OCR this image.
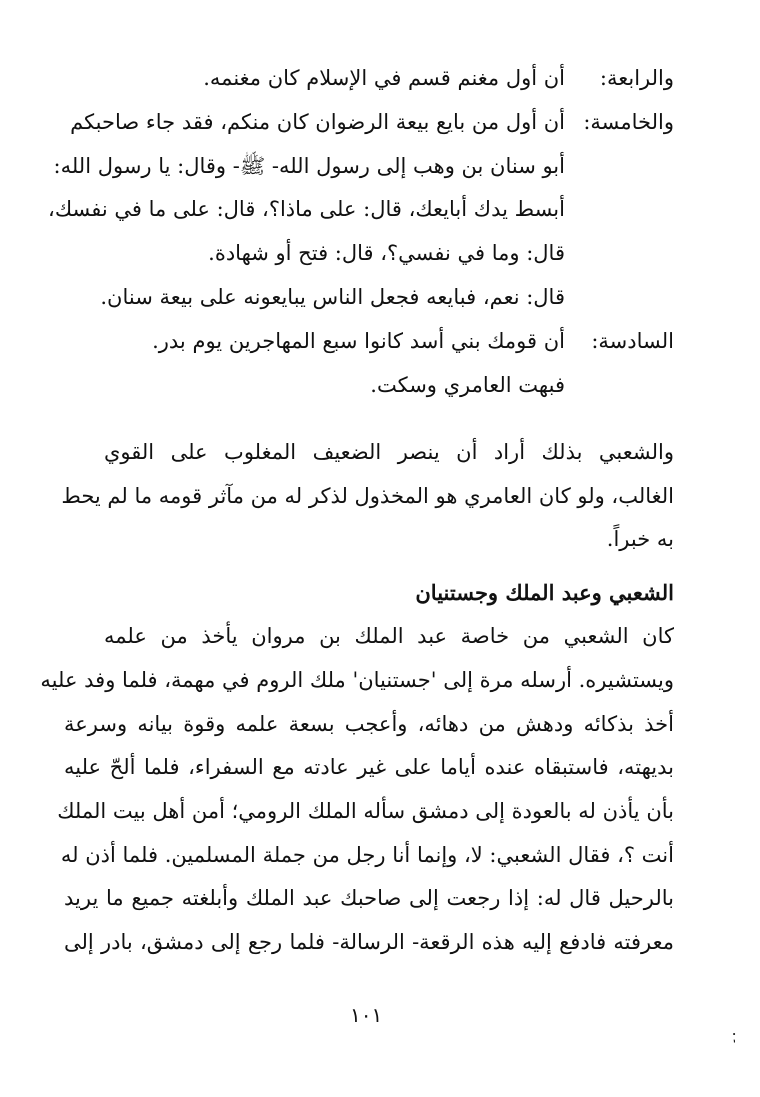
والرابعة:
أن أول مغنم قسم في الإسلام كان مغنمه.
والخامسة:
أن أول من بايع بيعة الرضوان كان منكم، فقد جاء صاحبكم
أبو سنان بن وهب إلى رسول الله- ﷺ- وقال: يا رسول الله:
أبسط يدك أبايعك، قال: على ماذا؟، قال: على ما في نفسك،
قال: وما في نفسي؟، قال: فتح أو شهادة.
قال: نعم، فبايعه فجعل الناس يبايعونه على بيعة سنان.
السادسة:
أن قومك بني أسد كانوا سبع المهاجرين يوم بدر.
فبهت العامري وسكت.
والشعبي بذلك أراد أن ينصر الضعيف المغلوب على القوي
الغالب، ولو كان العامري هو المخذول لذكر له من مآثر قومه ما لم يحط
به خبراً.
الشعبي وعبد الملك وجستنيان
كان الشعبي من خاصة عبد الملك بن مروان يأخذ من علمه
ويستشيره. أرسله مرة إلى 'جستنيان' ملك الروم في مهمة، فلما وفد عليه
أخذ بذكائه ودهش من دهائه، وأعجب بسعة علمه وقوة بيانه وسرعة
بديهته، فاستبقاه عنده أياما على غير عادته مع السفراء، فلما ألحّ عليه
بأن يأذن له بالعودة إلى دمشق سأله الملك الرومي؛ أمن أهل بيت الملك
أنت ؟، فقال الشعبي: لا، وإنما أنا رجل من جملة المسلمين. فلما أذن له
بالرحيل قال له: إذا رجعت إلى صاحبك عبد الملك وأبلغته جميع ما يريد
معرفته فادفع إليه هذه الرقعة- الرسالة- فلما رجع إلى دمشق، بادر إلى
١٠١
·ٖ
